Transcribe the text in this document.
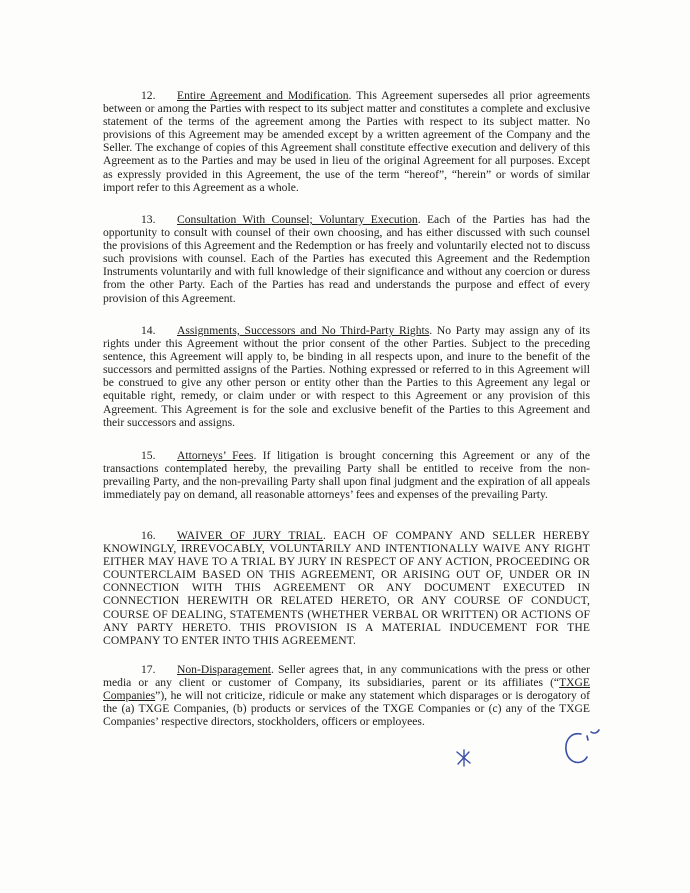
12. Entire Agreement and Modification. This Agreement supersedes all prior agreements between or among the Parties with respect to its subject matter and constitutes a complete and exclusive statement of the terms of the agreement among the Parties with respect to its subject matter. No provisions of this Agreement may be amended except by a written agreement of the Company and the Seller. The exchange of copies of this Agreement shall constitute effective execution and delivery of this Agreement as to the Parties and may be used in lieu of the original Agreement for all purposes. Except as expressly provided in this Agreement, the use of the term “hereof”, “herein” or words of similar import refer to this Agreement as a whole.

13. Consultation With Counsel; Voluntary Execution. Each of the Parties has had the opportunity to consult with counsel of their own choosing, and has either discussed with such counsel the provisions of this Agreement and the Redemption or has freely and voluntarily elected not to discuss such provisions with counsel. Each of the Parties has executed this Agreement and the Redemption Instruments voluntarily and with full knowledge of their significance and without any coercion or duress from the other Party. Each of the Parties has read and understands the purpose and effect of every provision of this Agreement.

14. Assignments, Successors and No Third-Party Rights. No Party may assign any of its rights under this Agreement without the prior consent of the other Parties. Subject to the preceding sentence, this Agreement will apply to, be binding in all respects upon, and inure to the benefit of the successors and permitted assigns of the Parties. Nothing expressed or referred to in this Agreement will be construed to give any other person or entity other than the Parties to this Agreement any legal or equitable right, remedy, or claim under or with respect to this Agreement or any provision of this Agreement. This Agreement is for the sole and exclusive benefit of the Parties to this Agreement and their successors and assigns.

15. Attorneys’ Fees. If litigation is brought concerning this Agreement or any of the transactions contemplated hereby, the prevailing Party shall be entitled to receive from the non-prevailing Party, and the non-prevailing Party shall upon final judgment and the expiration of all appeals immediately pay on demand, all reasonable attorneys’ fees and expenses of the prevailing Party.

16. WAIVER OF JURY TRIAL. EACH OF COMPANY AND SELLER HEREBY KNOWINGLY, IRREVOCABLY, VOLUNTARILY AND INTENTIONALLY WAIVE ANY RIGHT EITHER MAY HAVE TO A TRIAL BY JURY IN RESPECT OF ANY ACTION, PROCEEDING OR COUNTERCLAIM BASED ON THIS AGREEMENT, OR ARISING OUT OF, UNDER OR IN CONNECTION WITH THIS AGREEMENT OR ANY DOCUMENT EXECUTED IN CONNECTION HEREWITH OR RELATED HERETO, OR ANY COURSE OF CONDUCT, COURSE OF DEALING, STATEMENTS (WHETHER VERBAL OR WRITTEN) OR ACTIONS OF ANY PARTY HERETO. THIS PROVISION IS A MATERIAL INDUCEMENT FOR THE COMPANY TO ENTER INTO THIS AGREEMENT.

17. Non-Disparagement. Seller agrees that, in any communications with the press or other media or any client or customer of Company, its subsidiaries, parent or its affiliates (“TXGE Companies”), he will not criticize, ridicule or make any statement which disparages or is derogatory of the (a) TXGE Companies, (b) products or services of the TXGE Companies or (c) any of the TXGE Companies’ respective directors, stockholders, officers or employees.
